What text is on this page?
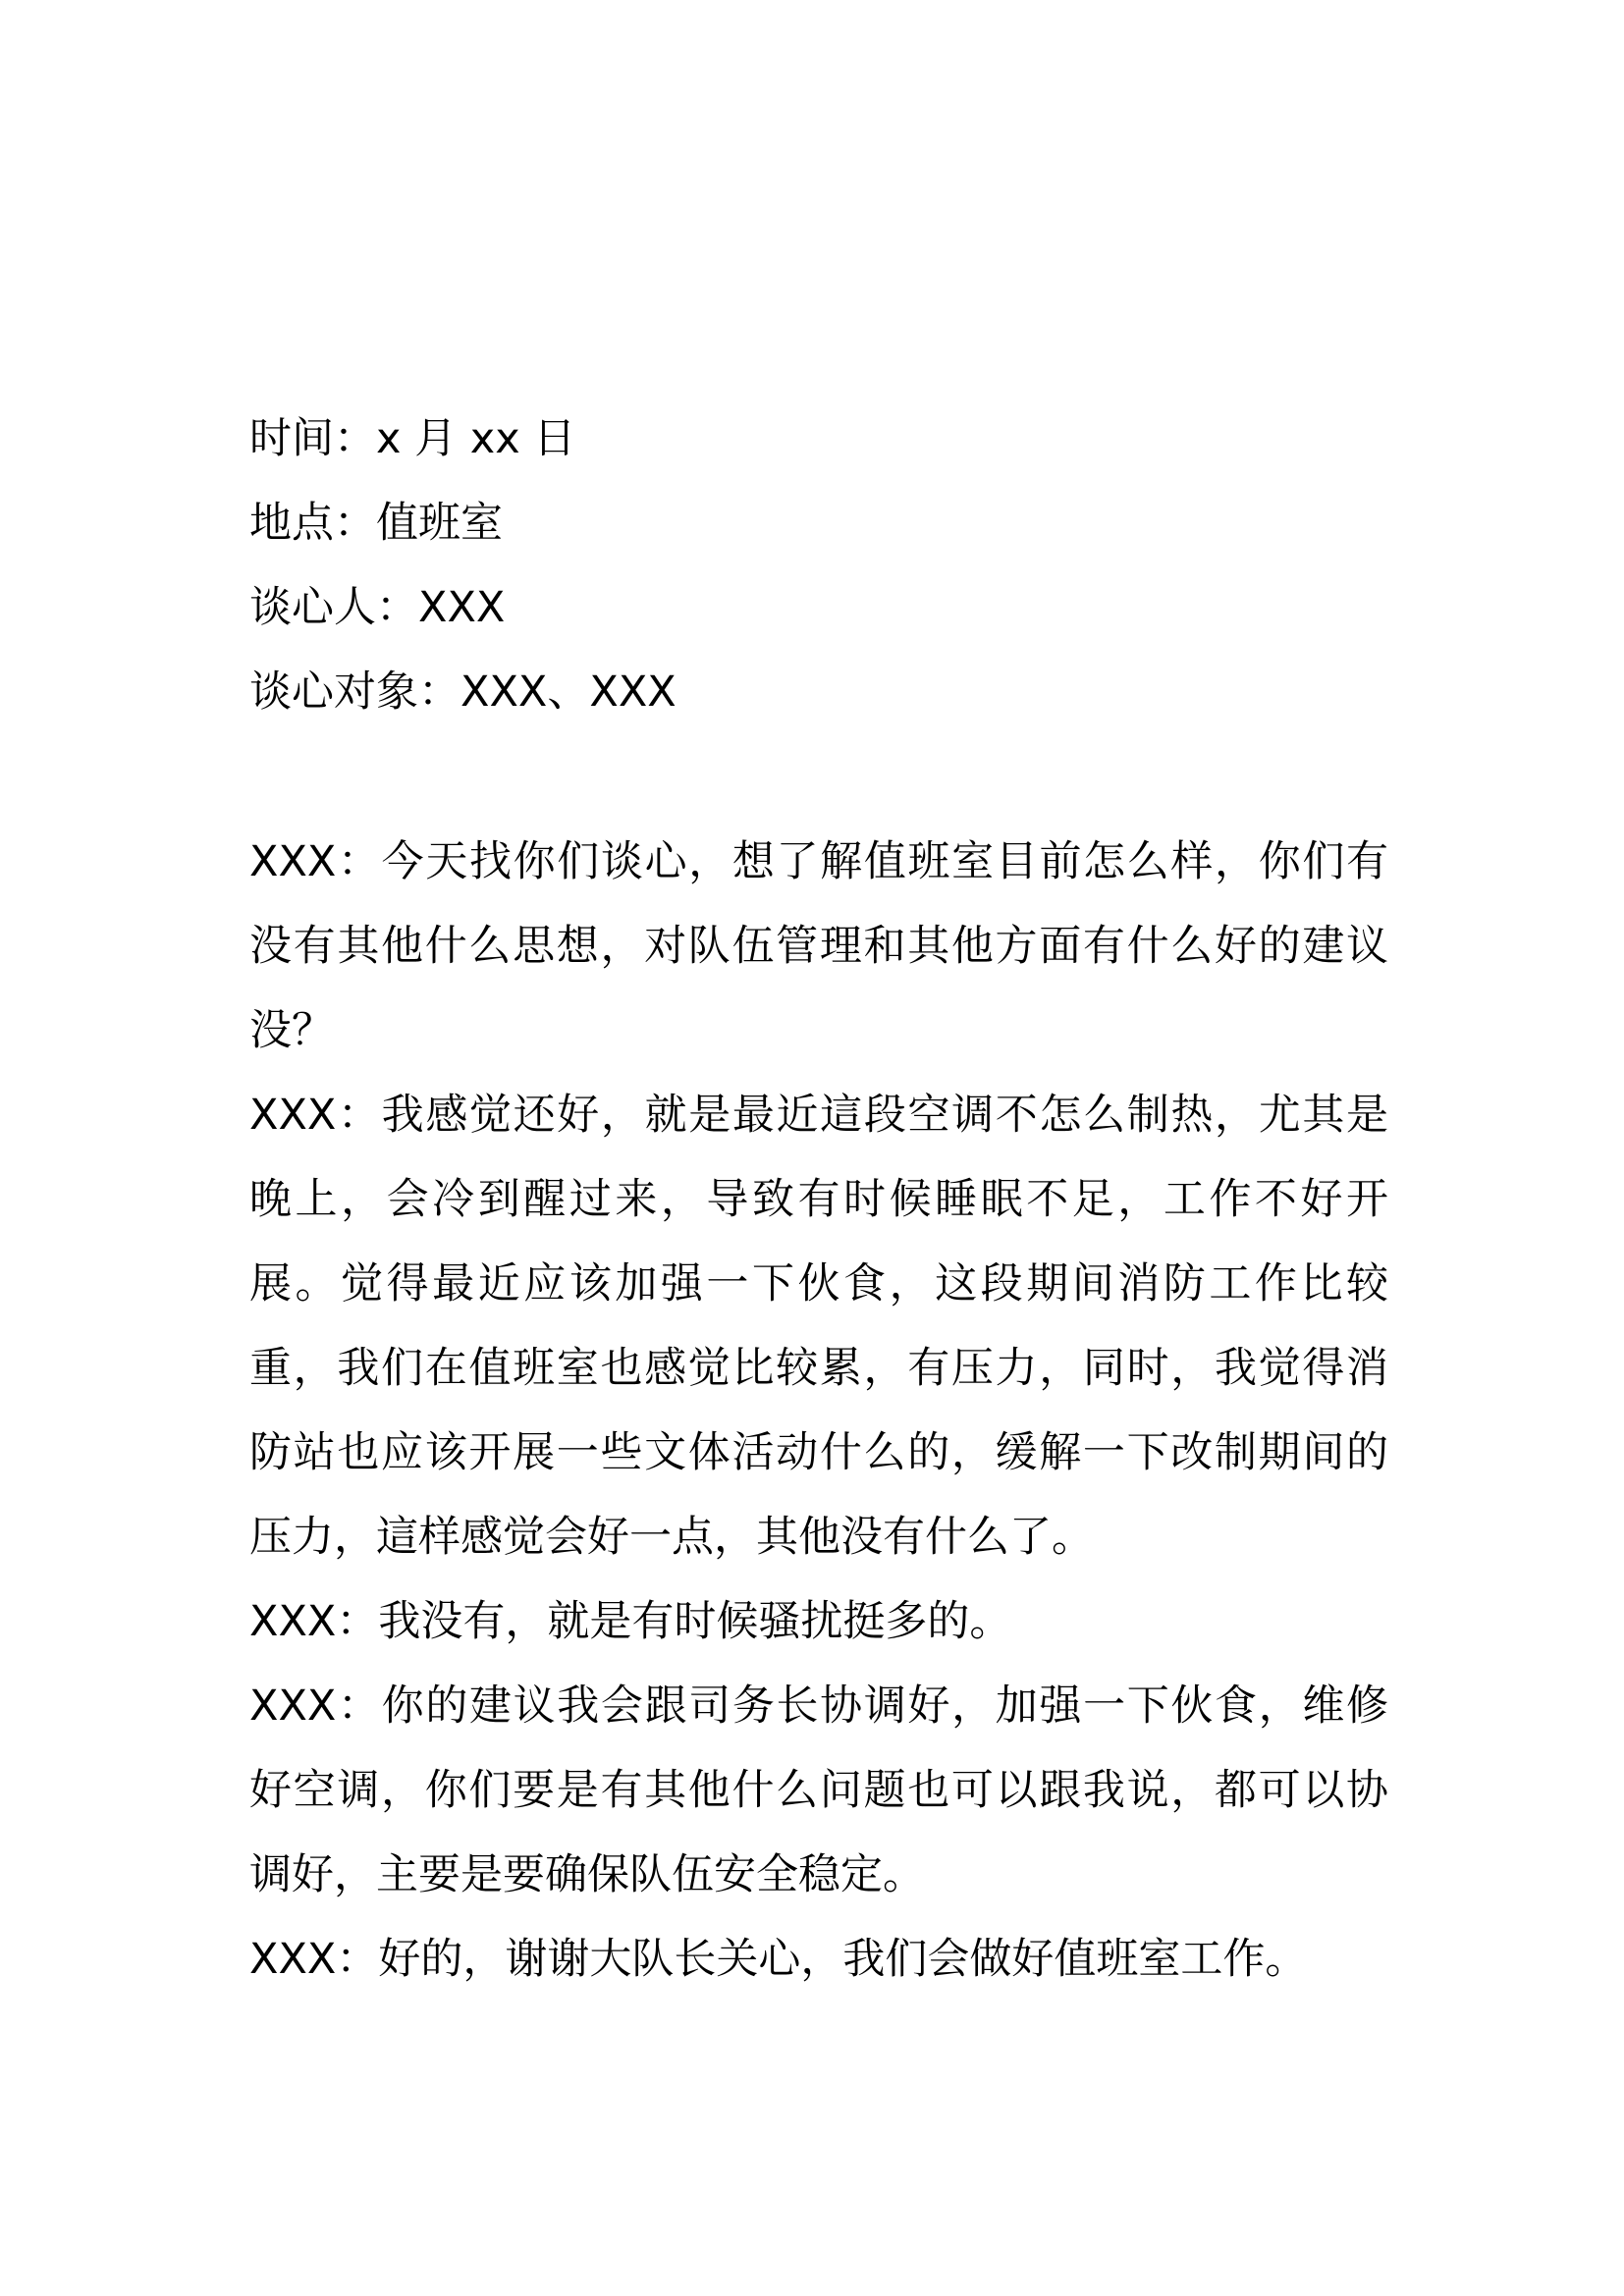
时间：x 月 xx 日
地点：值班室
谈心人：XXX
谈心对象：XXX、XXX

XXX：今天找你们谈心，想了解值班室目前怎么样，你们有没有其他什么思想，对队伍管理和其他方面有什么好的建议没？

XXX：我感觉还好，就是最近這段空调不怎么制热，尤其是晚上，会冷到醒过来，导致有时候睡眠不足，工作不好开展。觉得最近应该加强一下伙食，这段期间消防工作比较重，我们在值班室也感觉比较累，有压力，同时，我觉得消防站也应该开展一些文体活动什么的，缓解一下改制期间的压力，這样感觉会好一点，其他没有什么了。

XXX：我没有，就是有时候骚扰挺多的。

XXX：你的建议我会跟司务长协调好，加强一下伙食，维修好空调，你们要是有其他什么问题也可以跟我说，都可以协调好，主要是要确保队伍安全稳定。

XXX：好的，谢谢大队长关心，我们会做好值班室工作。
